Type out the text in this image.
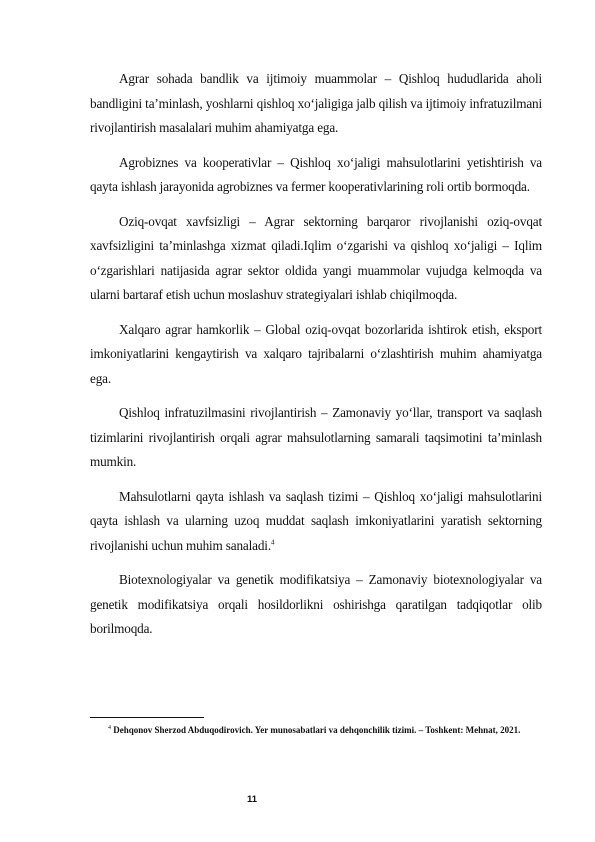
Agrar sohada bandlik va ijtimoiy muammolar – Qishloq hududlarida aholi bandligini ta’minlash, yoshlarni qishloq xo‘jaligiga jalb qilish va ijtimoiy infratuzilmani rivojlantirish masalalari muhim ahamiyatga ega.

Agrobiznes va kooperativlar – Qishloq xo‘jaligi mahsulotlarini yetishtirish va qayta ishlash jarayonida agrobiznes va fermer kooperativlarining roli ortib bormoqda.

Oziq-ovqat xavfsizligi – Agrar sektorning barqaror rivojlanishi oziq-ovqat xavfsizligini ta’minlashga xizmat qiladi.Iqlim o‘zgarishi va qishloq xo‘jaligi – Iqlim o‘zgarishlari natijasida agrar sektor oldida yangi muammolar vujudga kelmoqda va ularni bartaraf etish uchun moslashuv strategiyalari ishlab chiqilmoqda.

Xalqaro agrar hamkorlik – Global oziq-ovqat bozorlarida ishtirok etish, eksport imkoniyatlarini kengaytirish va xalqaro tajribalarni o‘zlashtirish muhim ahamiyatga ega.

Qishloq infratuzilmasini rivojlantirish – Zamonaviy yo‘llar, transport va saqlash tizimlarini rivojlantirish orqali agrar mahsulotlarning samarali taqsimotini ta’minlash mumkin.

Mahsulotlarni qayta ishlash va saqlash tizimi – Qishloq xo‘jaligi mahsulotlarini qayta ishlash va ularning uzoq muddat saqlash imkoniyatlarini yaratish sektorning rivojlanishi uchun muhim sanaladi.$^4$

Biotexnologiyalar va genetik modifikatsiya – Zamonaviy biotexnologiyalar va genetik modifikatsiya orqali hosildorlikni oshirishga qaratilgan tadqiqotlar olib borilmoqda.

$^4$ Dehqonov Sherzod Abduqodirovich. Yer munosabatlari va dehqonchilik tizimi. – Toshkent: Mehnat, 2021.
11
